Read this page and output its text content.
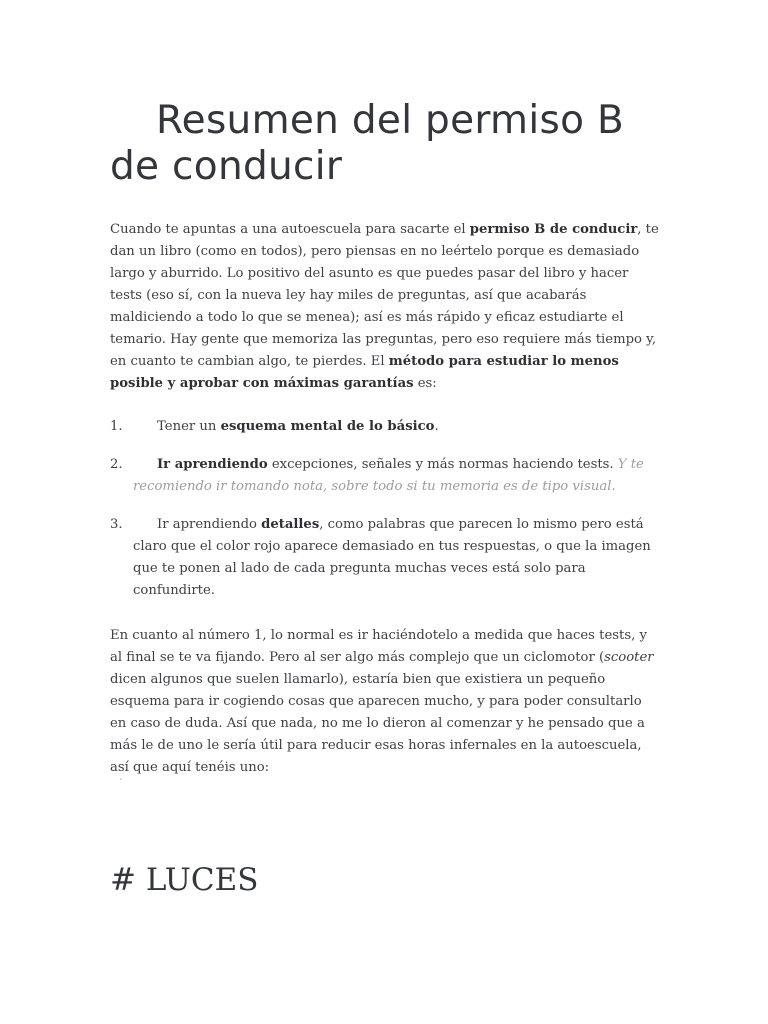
Resumen del permiso B de conducir

Cuando te apuntas a una autoescuela para sacarte el permiso B de conducir, te dan un libro (como en todos), pero piensas en no leértelo porque es demasiado largo y aburrido. Lo positivo del asunto es que puedes pasar del libro y hacer tests (eso sí, con la nueva ley hay miles de preguntas, así que acabarás maldiciendo a todo lo que se menea); así es más rápido y eficaz estudiarte el temario. Hay gente que memoriza las preguntas, pero eso requiere más tiempo y, en cuanto te cambian algo, te pierdes. El método para estudiar lo menos posible y aprobar con máximas garantías es:

1.	Tener un esquema mental de lo básico.
2.	Ir aprendiendo excepciones, señales y más normas haciendo tests. Y te recomiendo ir tomando nota, sobre todo si tu memoria es de tipo visual.
3.	Ir aprendiendo detalles, como palabras que parecen lo mismo pero está claro que el color rojo aparece demasiado en tus respuestas, o que la imagen que te ponen al lado de cada pregunta muchas veces está solo para confundirte.

En cuanto al número 1, lo normal es ir haciéndotelo a medida que haces tests, y al final se te va fijando. Pero al ser algo más complejo que un ciclomotor (scooter dicen algunos que suelen llamarlo), estaría bien que existiera un pequeño esquema para ir cogiendo cosas que aparecen mucho, y para poder consultarlo en caso de duda. Así que nada, no me lo dieron al comenzar y he pensado que a más le de uno le sería útil para reducir esas horas infernales en la autoescuela, así que aquí tenéis uno:

# LUCES
